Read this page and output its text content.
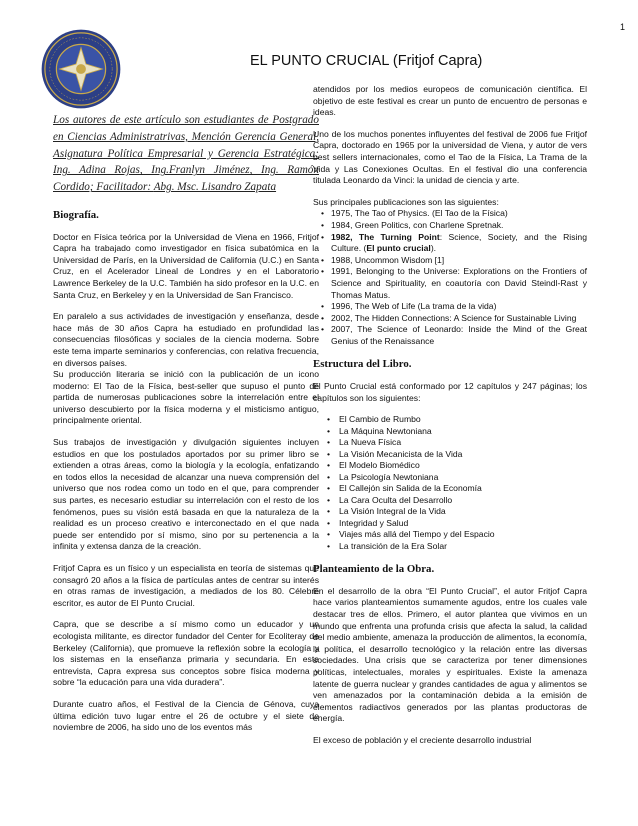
1
EL PUNTO CRUCIAL (Fritjof Capra)

Los autores de este artículo son estudiantes de Postgrado en Ciencias Administratrivas, Mención Gerencia General, Asignatura Política Empresarial y Gerencia Estratégica: Ing. Adina Rojas, Ing.Franlyn Jiménez, Ing. Ramón Cordido; Facilitador: Abg. Msc. Lisandro Zapata

Biografía.

Doctor en Física teórica por la Universidad de Viena en 1966, Fritjof Capra ha trabajado como investigador en física subatómica en la Universidad de París, en la Universidad de California (U.C.) en Santa Cruz, en el Acelerador Lineal de Londres y en el Laboratorio Lawrence Berkeley de la U.C. También ha sido profesor en la U.C. en Santa Cruz, en Berkeley y en la Universidad de San Francisco.

En paralelo a sus actividades de investigación y enseñanza, desde hace más de 30 años Capra ha estudiado en profundidad las consecuencias filosóficas y sociales de la ciencia moderna. Sobre este tema imparte seminarios y conferencias, con relativa frecuencia, en diversos países.

Su producción literaria se inició con la publicación de un icono moderno: El Tao de la Física, best-seller que supuso el punto de partida de numerosas publicaciones sobre la interrelación entre el universo descubierto por la física moderna y el misticismo antiguo, principalmente oriental.

Sus trabajos de investigación y divulgación siguientes incluyen estudios en que los postulados aportados por su primer libro se extienden a otras áreas, como la biología y la ecología, enfatizando en todos ellos la necesidad de alcanzar una nueva comprensión del universo que nos rodea como un todo en el que, para comprender sus partes, es necesario estudiar su interrelación con el resto de los fenómenos, pues su visión está basada en que la naturaleza de la realidad es un proceso creativo e interconectado en el que nada puede ser entendido por sí mismo, sino por su pertenencia a la infinita y extensa danza de la creación.

Fritjof Capra es un físico y un especialista en teoría de sistemas que consagró 20 años a la física de partículas antes de centrar su interés en otras ramas de investigación, a mediados de los 80. Célebre escritor, es autor de El Punto Crucial.

Capra, que se describe a sí mismo como un educador y un ecologista militante, es director fundador del Center for Ecoliteray de Berkeley (California), que promueve la reflexión sobre la ecología y los sistemas en la enseñanza primaria y secundaria. En esta entrevista, Capra expresa sus conceptos sobre física moderna y sobre “la educación para una vida duradera”.

Durante cuatro años, el Festival de la Ciencia de Génova, cuya última edición tuvo lugar entre el 26 de octubre y el siete de noviembre de 2006, ha sido uno de los eventos más

atendidos por los medios europeos de comunicación científica. El objetivo de este festival es crear un punto de encuentro de personas e ideas.

Uno de los muchos ponentes influyentes del festival de 2006 fue Fritjof Capra, doctorado en 1965 por la universidad de Viena, y autor de vers best sellers internacionales, como el Tao de la Física, La Trama de la Vida y Las Conexiones Ocultas. En el festival dio una conferencia titulada Leonardo da Vinci: la unidad de ciencia y arte.

Sus principales publicaciones son las siguientes:

• 1975, The Tao of Physics. (El Tao de la Física)
• 1984, Green Politics, con Charlene Spretnak.
• 1982, The Turning Point: Science, Society, and the Rising Culture. (El punto crucial).
• 1988, Uncommon Wisdom [1]
• 1991, Belonging to the Universe: Explorations on the Frontiers of Science and Spirituality, en coautoría con David Steindl-Rast y Thomas Matus.
• 1996, The Web of Life (La trama de la vida)
• 2002, The Hidden Connections: A Science for Sustainable Living
• 2007, The Science of Leonardo: Inside the Mind of the Great Genius of the Renaissance
Estructura del Libro.

El Punto Crucial está conformado por 12 capítulos y 247 páginas; los capítulos son los siguientes:

• El Cambio de Rumbo
• La Máquina Newtoniana
• La Nueva Física
• La Visión Mecanicista de la Vida
• El Modelo Biomédico
• La Psicología Newtoniana
• El Callejón sin Salida de la Economía
• La Cara Oculta del Desarrollo
• La Visión Integral de la Vida
• Integridad y Salud
• Viajes más allá del Tiempo y del Espacio
• La transición de la Era Solar
Planteamiento de la Obra.

En el desarrollo de la obra “El Punto Crucial”, el autor Fritjof Capra hace varios planteamientos sumamente agudos, entre los cuales vale destacar tres de ellos. Primero, el autor plantea que vivimos en un mundo que enfrenta una profunda crisis que afecta la salud, la calidad del medio ambiente, amenaza la producción de alimentos, la economía, la política, el desarrollo tecnológico y la relación entre las diversas sociedades. Una crisis que se caracteriza por tener dimensiones políticas, intelectuales, morales y espirituales. Existe la amenaza latente de guerra nuclear y grandes cantidades de agua y alimentos se ven amenazados por la contaminación debida a la emisión de elementos radiactivos generados por las plantas productoras de energía.

El exceso de población y el creciente desarrollo industrial
